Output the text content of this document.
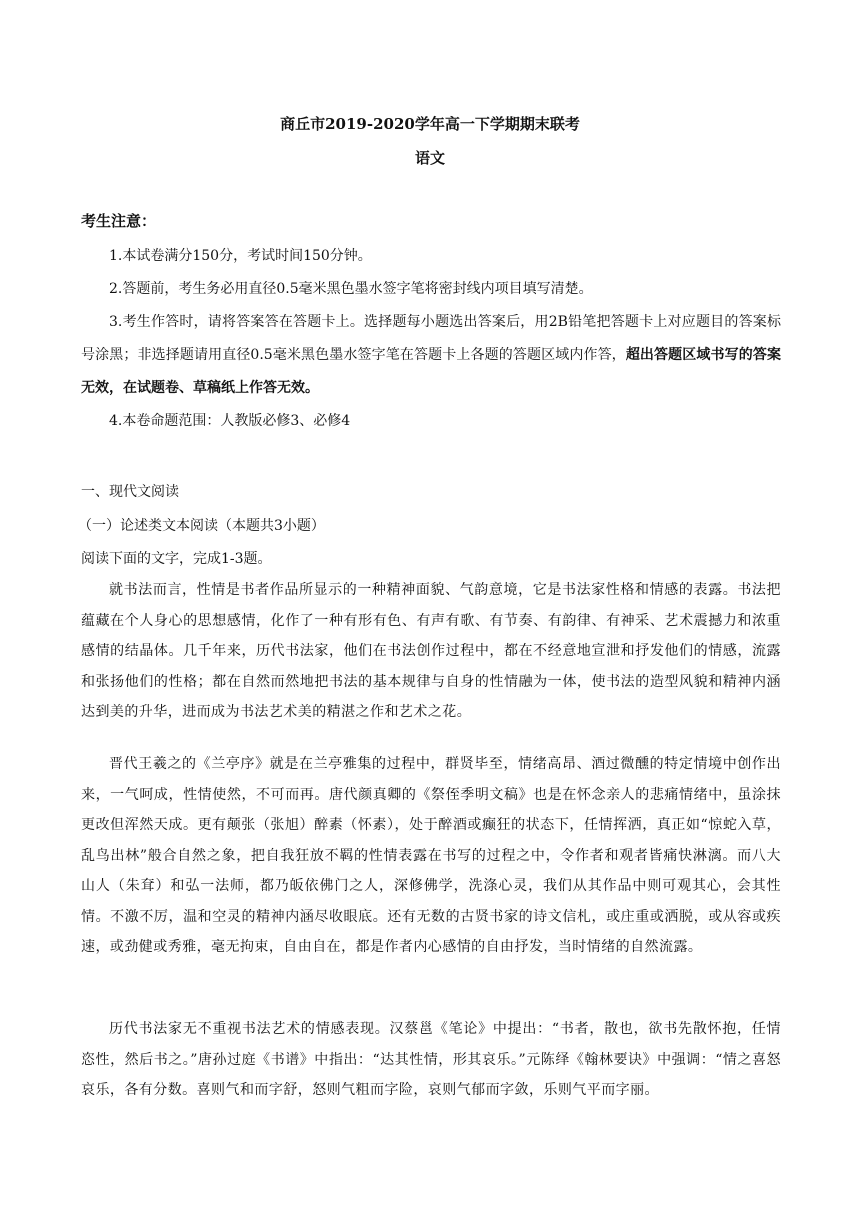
商丘市2019-2020学年高一下学期期末联考
语文
考生注意：
1.本试卷满分150分，考试时间150分钟。
2.答题前，考生务必用直径0.5毫米黑色墨水签字笔将密封线内项目填写清楚。
3.考生作答时，请将答案答在答题卡上。选择题每小题选出答案后，用2B铅笔把答题卡上对应题目的答案标号涂黑；非选择题请用直径0.5毫米黑色墨水签字笔在答题卡上各题的答题区域内作答，超出答题区域书写的答案无效，在试题卷、草稿纸上作答无效。
4.本卷命题范围：人教版必修3、必修4
一、现代文阅读
（一）论述类文本阅读（本题共3小题）
阅读下面的文字，完成1-3题。
就书法而言，性情是书者作品所显示的一种精神面貌、气韵意境，它是书法家性格和情感的表露。书法把蕴藏在个人身心的思想感情，化作了一种有形有色、有声有歌、有节奏、有韵律、有神采、艺术震撼力和浓重感情的结晶体。几千年来，历代书法家，他们在书法创作过程中，都在不经意地宣泄和抒发他们的情感，流露和张扬他们的性格；都在自然而然地把书法的基本规律与自身的性情融为一体，使书法的造型风貌和精神内涵达到美的升华，进而成为书法艺术美的精湛之作和艺术之花。
晋代王羲之的《兰亭序》就是在兰亭雅集的过程中，群贤毕至，情绪高昂、酒过微醺的特定情境中创作出来，一气呵成，性情使然，不可而再。唐代颜真卿的《祭侄季明文稿》也是在怀念亲人的悲痛情绪中，虽涂抹更改但浑然天成。更有颠张（张旭）醉素（怀素），处于醉酒或癫狂的状态下，任情挥洒，真正如“惊蛇入草，乱鸟出林”般合自然之象，把自我狂放不羁的性情表露在书写的过程之中，令作者和观者皆痛快淋漓。而八大山人（朱耷）和弘一法师，都乃皈依佛门之人，深修佛学，洗涤心灵，我们从其作品中则可观其心，会其性情。不激不厉，温和空灵的精神内涵尽收眼底。还有无数的古贤书家的诗文信札，或庄重或洒脱，或从容或疾速，或劲健或秀雅，毫无拘束，自由自在，都是作者内心感情的自由抒发，当时情绪的自然流露。
历代书法家无不重视书法艺术的情感表现。汉蔡邕《笔论》中提出：“书者，散也，欲书先散怀抱，任情恣性，然后书之。”唐孙过庭《书谱》中指出：“达其性情，形其哀乐。”元陈绎《翰林要诀》中强调：“情之喜怒哀乐，各有分数。喜则气和而字舒，怒则气粗而字险，哀则气郁而字敛，乐则气平而字丽。
